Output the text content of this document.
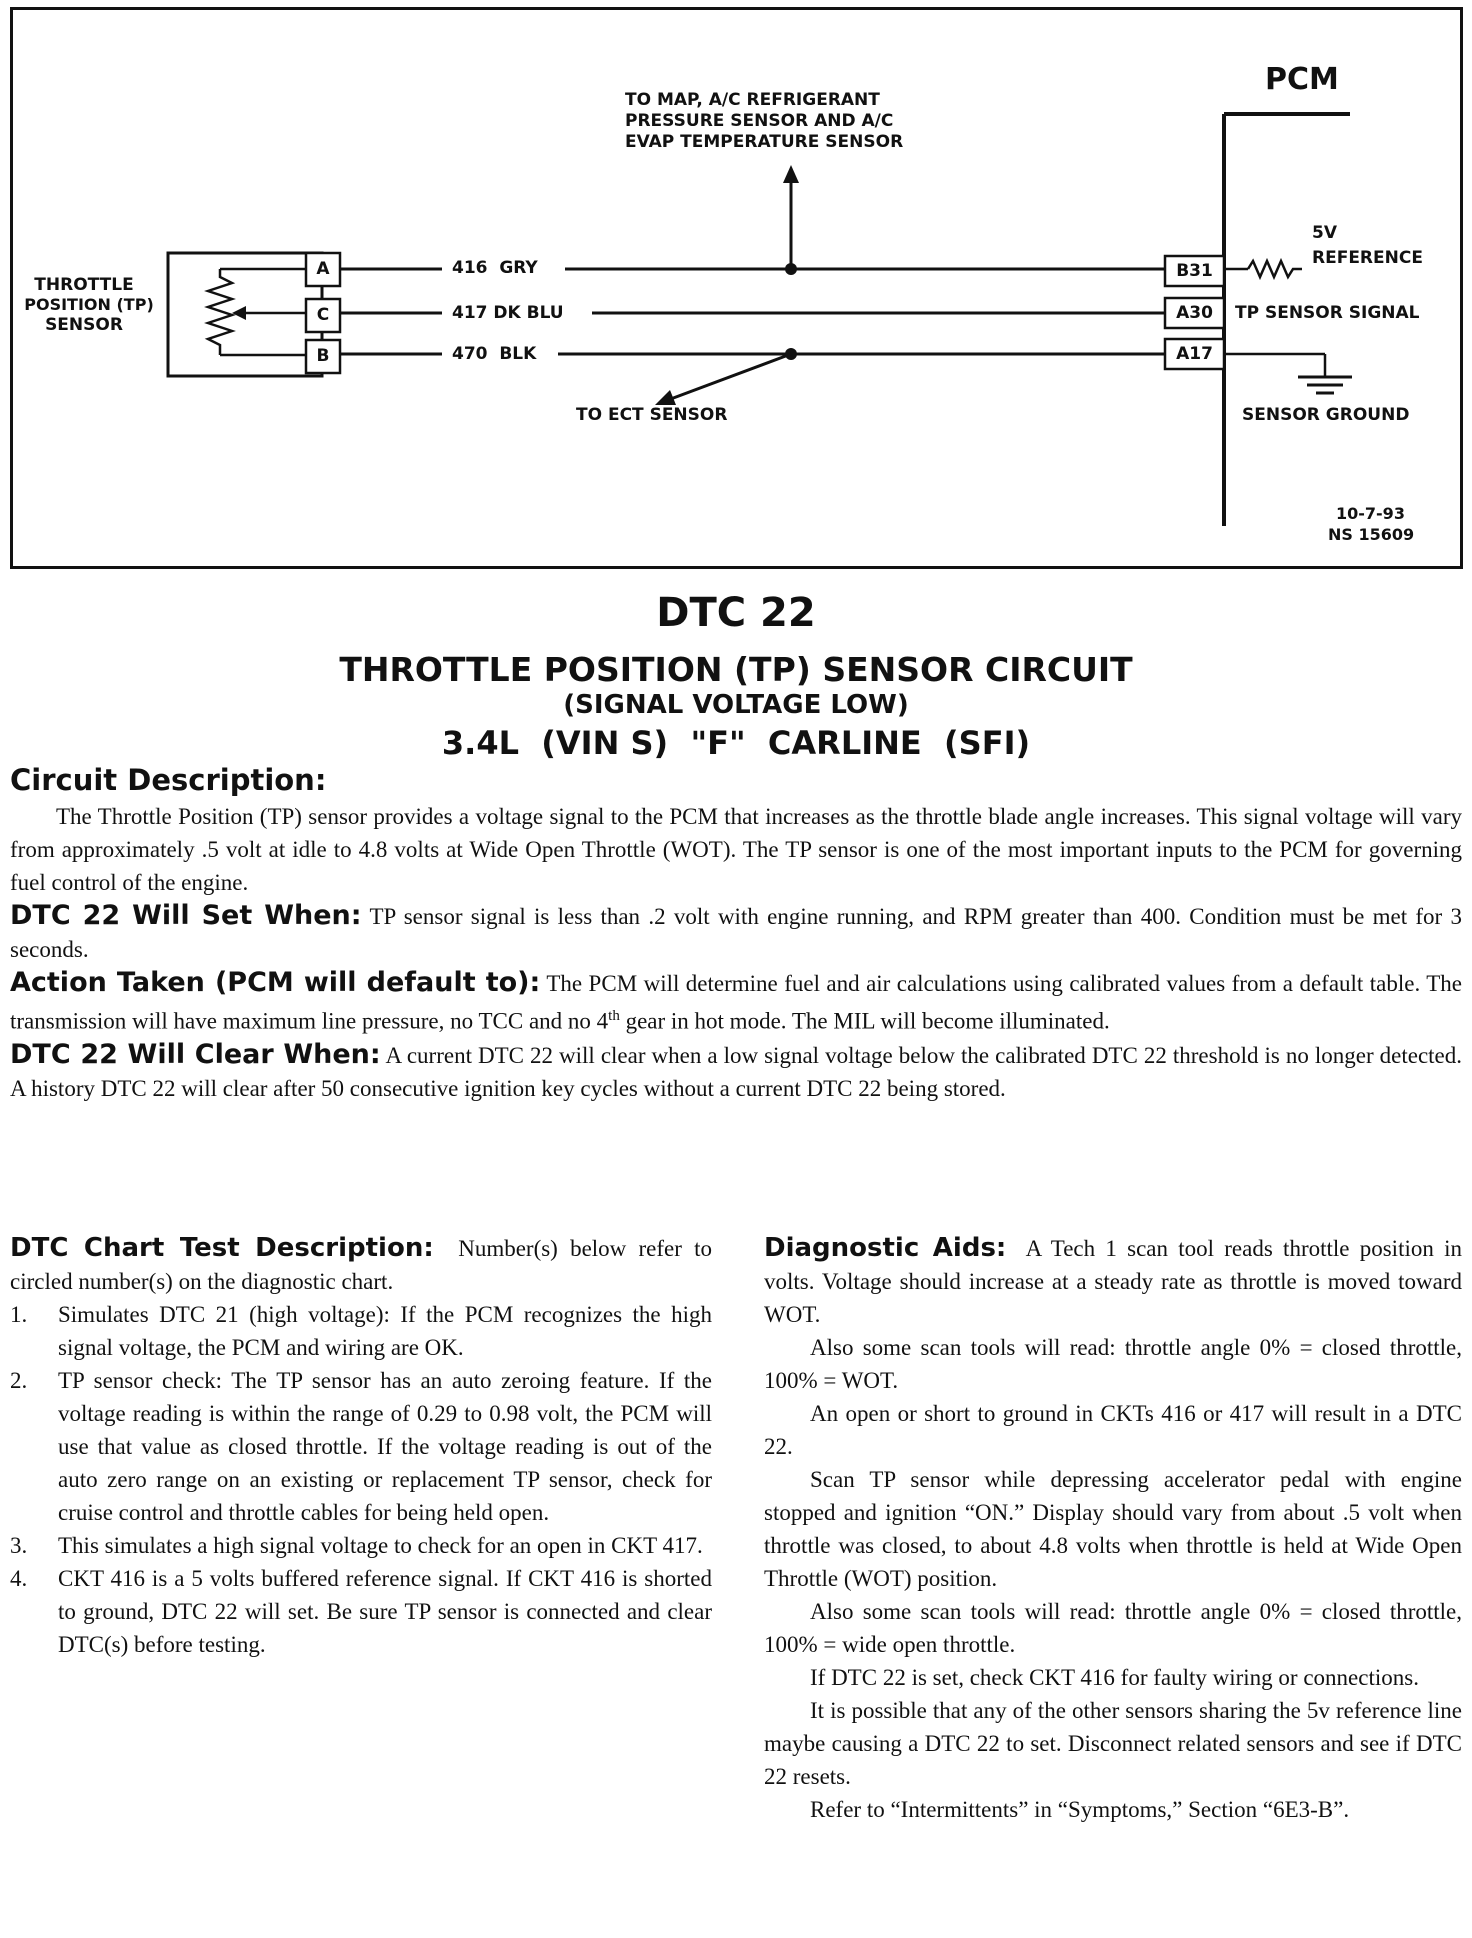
PCM
TO MAP, A/C REFRIGERANT
PRESSURE SENSOR AND A/C
EVAP TEMPERATURE SENSOR
THROTTLE
POSITION (TP)
SENSOR
A
C
B
416  GRY
417 DK BLU
470  BLK
B31
A30
A17
5V
REFERENCE
TP SENSOR SIGNAL
SENSOR GROUND
TO ECT SENSOR
10-7-93
NS 15609
DTC 22
THROTTLE POSITION (TP) SENSOR CIRCUIT
(SIGNAL VOLTAGE LOW)
3.4L  (VIN S)  "F"  CARLINE  (SFI)
Circuit Description:

The Throttle Position (TP) sensor provides a voltage signal to the PCM that increases as the throttle blade angle increases. This signal voltage will vary from approximately .5 volt at idle to 4.8 volts at Wide Open Throttle (WOT). The TP sensor is one of the most important inputs to the PCM for governing fuel control of the engine.

DTC 22 Will Set When: TP sensor signal is less than .2 volt with engine running, and RPM greater than 400. Condition must be met for 3 seconds.

Action Taken (PCM will default to): The PCM will determine fuel and air calculations using calibrated values from a default table. The transmission will have maximum line pressure, no TCC and no 4th gear in hot mode. The MIL will become illuminated.

DTC 22 Will Clear When: A current DTC 22 will clear when a low signal voltage below the calibrated DTC 22 threshold is no longer detected. A history DTC 22 will clear after 50 consecutive ignition key cycles without a current DTC 22 being stored.

DTC Chart Test Description: Number(s) below refer to circled number(s) on the diagnostic chart.

1. Simulates DTC 21 (high voltage): If the PCM recognizes the high signal voltage, the PCM and wiring are OK.
2. TP sensor check: The TP sensor has an auto zeroing feature. If the voltage reading is within the range of 0.29 to 0.98 volt, the PCM will use that value as closed throttle. If the voltage reading is out of the auto zero range on an existing or replacement TP sensor, check for cruise control and throttle cables for being held open.
3. This simulates a high signal voltage to check for an open in CKT 417.
4. CKT 416 is a 5 volts buffered reference signal. If CKT 416 is shorted to ground, DTC 22 will set. Be sure TP sensor is connected and clear DTC(s) before testing.

Diagnostic Aids: A Tech 1 scan tool reads throttle position in volts. Voltage should increase at a steady rate as throttle is moved toward WOT.

Also some scan tools will read: throttle angle 0% = closed throttle, 100% = WOT.

An open or short to ground in CKTs 416 or 417 will result in a DTC 22.

Scan TP sensor while depressing accelerator pedal with engine stopped and ignition “ON.” Display should vary from about .5 volt when throttle was closed, to about 4.8 volts when throttle is held at Wide Open Throttle (WOT) position.

Also some scan tools will read: throttle angle 0% = closed throttle, 100% = wide open throttle.

If DTC 22 is set, check CKT 416 for faulty wiring or connections.

It is possible that any of the other sensors sharing the 5v reference line maybe causing a DTC 22 to set. Disconnect related sensors and see if DTC 22 resets.

Refer to “Intermittents” in “Symptoms,” Section “6E3-B”.
